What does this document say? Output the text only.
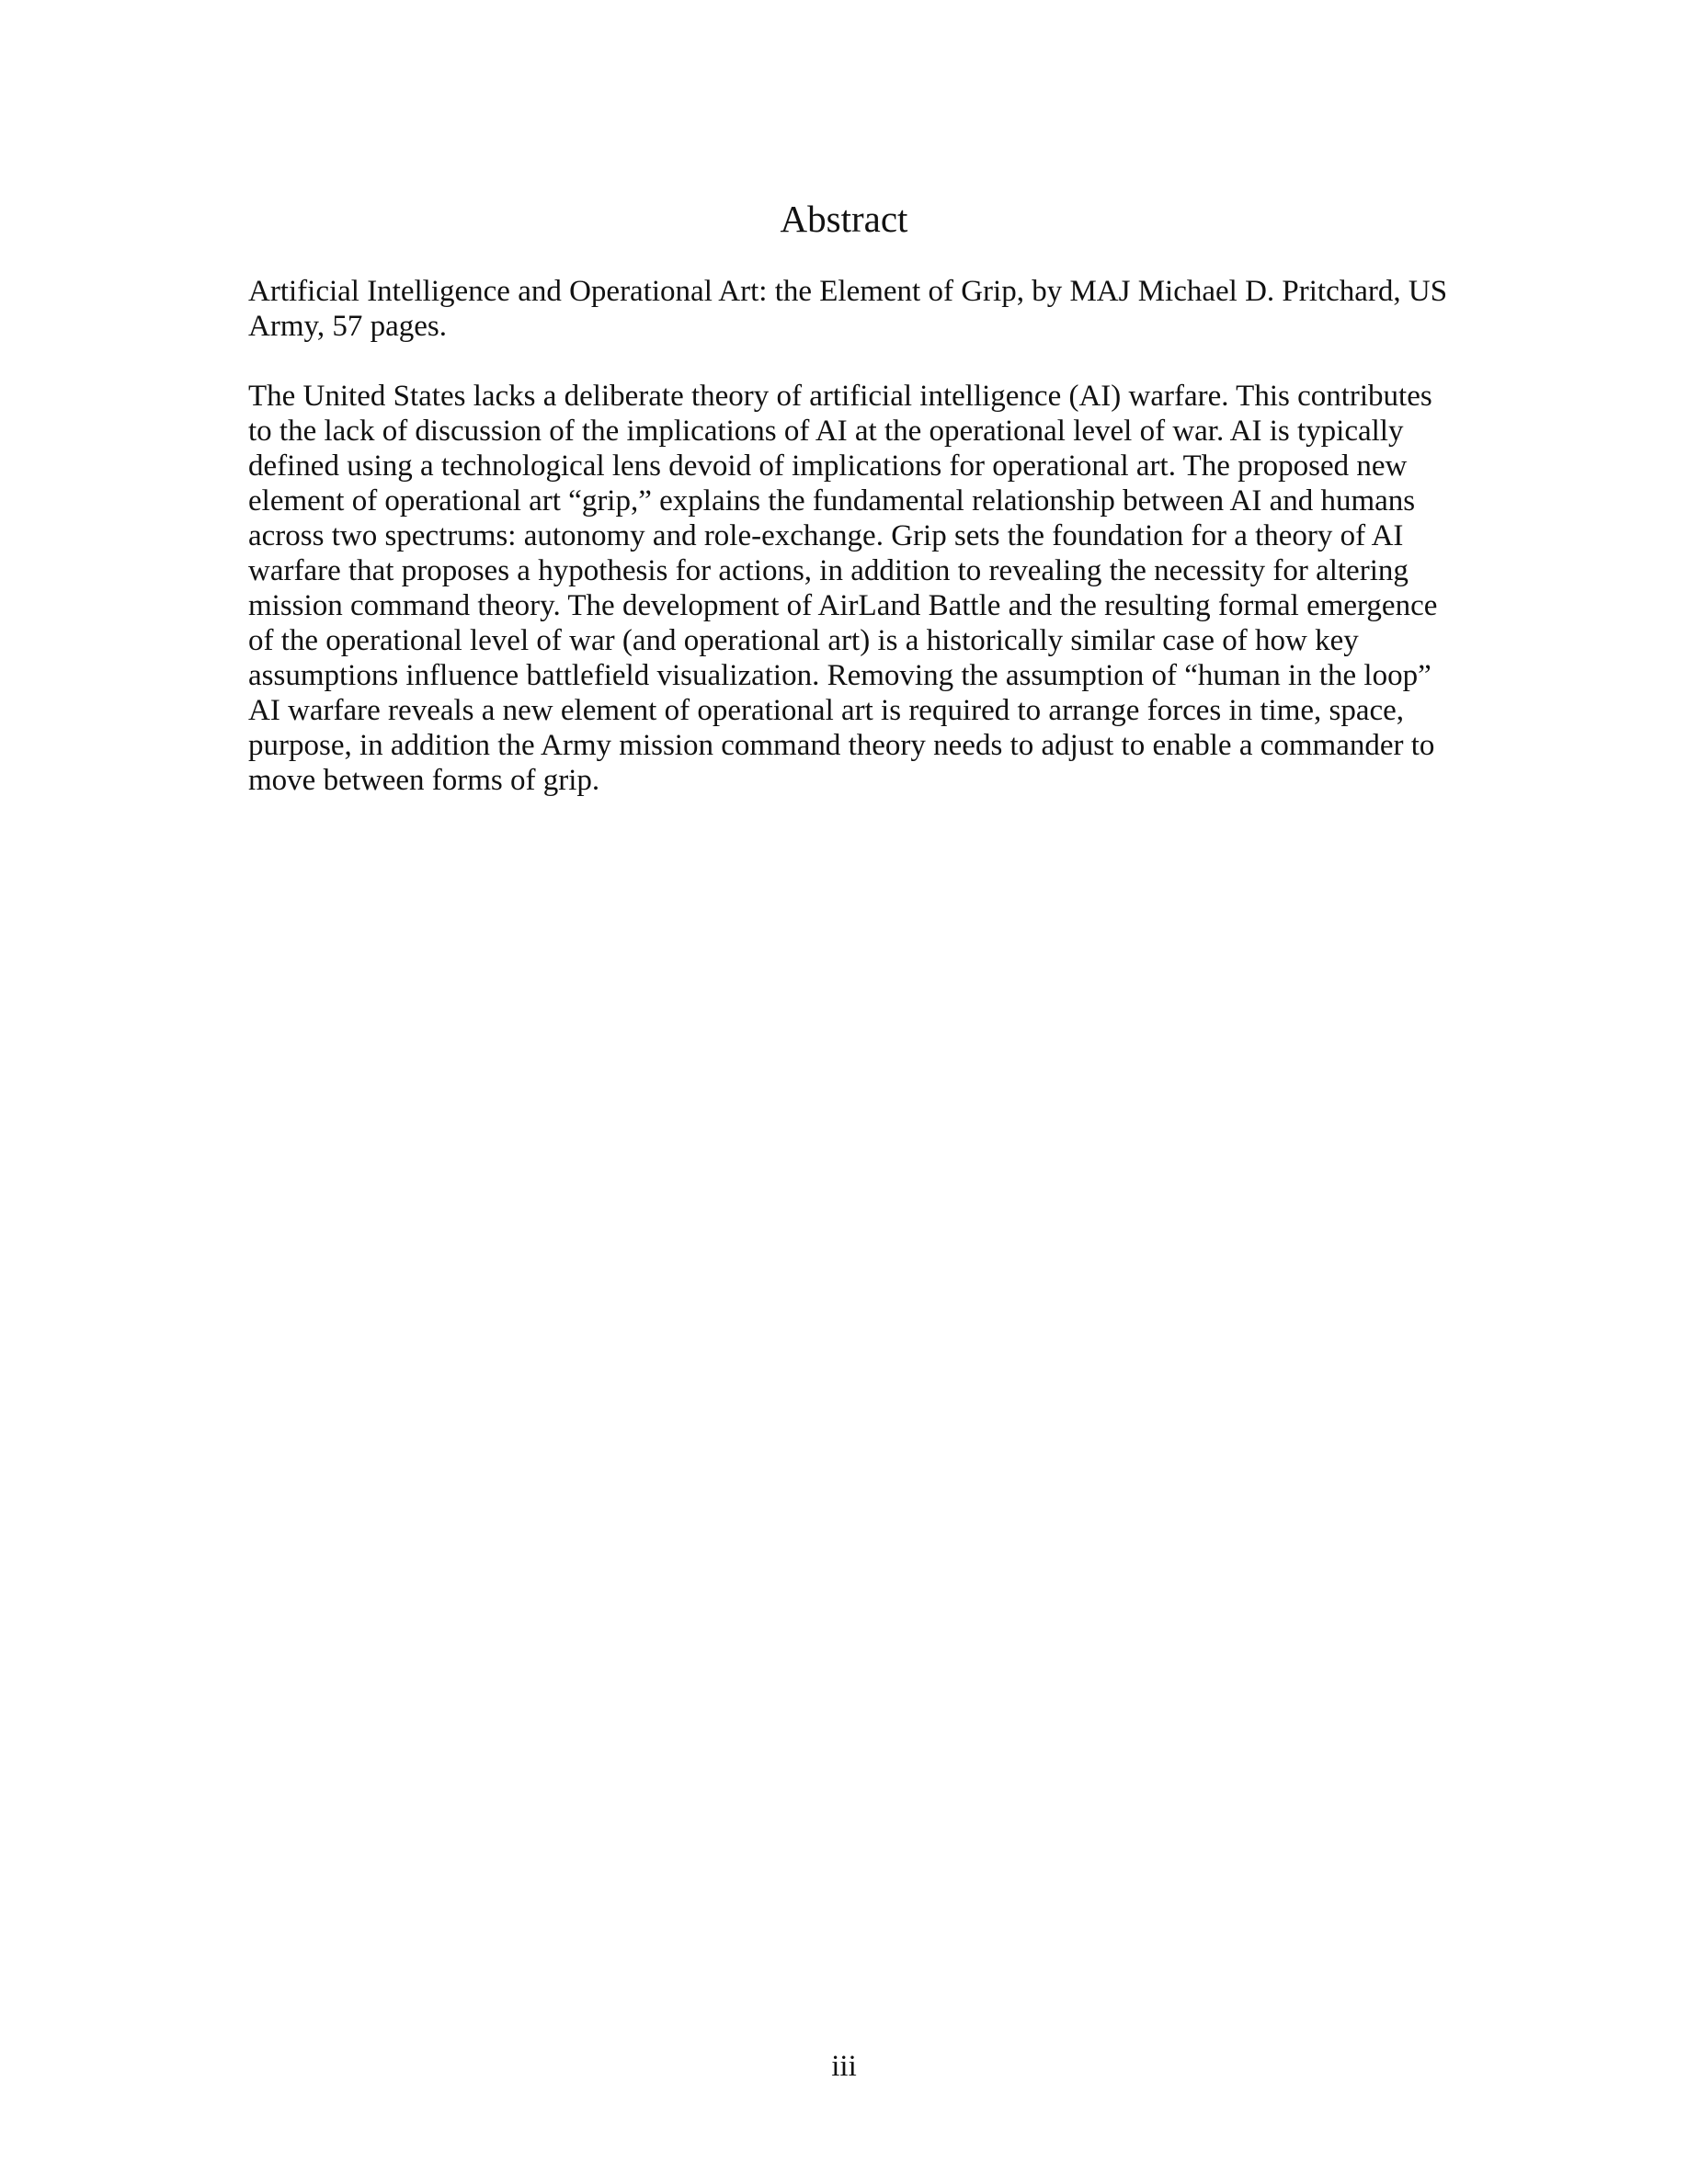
Abstract

Artificial Intelligence and Operational Art: the Element of Grip, by MAJ Michael D. Pritchard, US Army, 57 pages.

The United States lacks a deliberate theory of artificial intelligence (AI) warfare. This contributes to the lack of discussion of the implications of AI at the operational level of war. AI is typically defined using a technological lens devoid of implications for operational art. The proposed new element of operational art “grip,” explains the fundamental relationship between AI and humans across two spectrums: autonomy and role-exchange. Grip sets the foundation for a theory of AI warfare that proposes a hypothesis for actions, in addition to revealing the necessity for altering mission command theory. The development of AirLand Battle and the resulting formal emergence of the operational level of war (and operational art) is a historically similar case of how key assumptions influence battlefield visualization. Removing the assumption of “human in the loop” AI warfare reveals a new element of operational art is required to arrange forces in time, space, purpose, in addition the Army mission command theory needs to adjust to enable a commander to move between forms of grip.

iii
